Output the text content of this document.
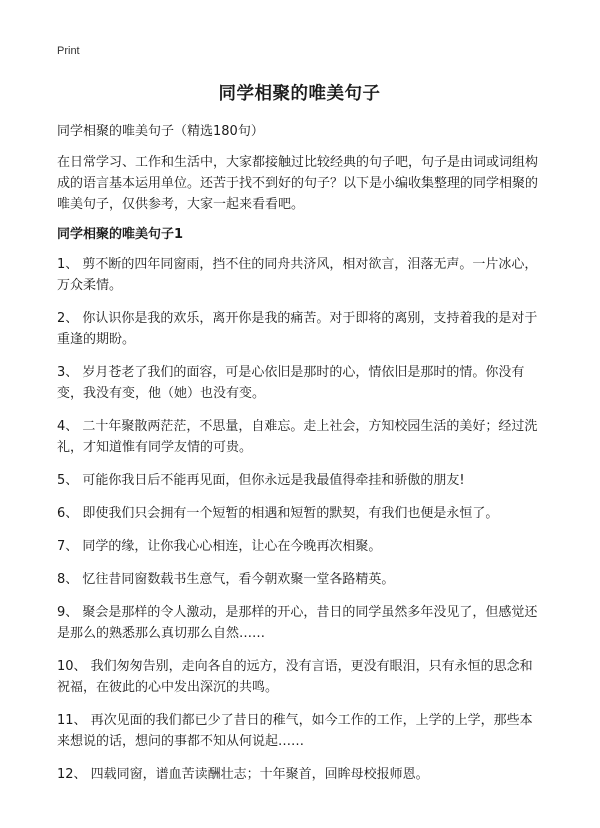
Print
同学相聚的唯美句子

同学相聚的唯美句子（精选180句）

在日常学习、工作和生活中，大家都接触过比较经典的句子吧，句子是由词或词组构成的语言基本运用单位。还苦于找不到好的句子？以下是小编收集整理的同学相聚的唯美句子，仅供参考，大家一起来看看吧。

同学相聚的唯美句子1

1、 剪不断的四年同窗雨，挡不住的同舟共济风，相对欲言，泪落无声。一片冰心，万众柔情。

2、 你认识你是我的欢乐，离开你是我的痛苦。对于即将的离别，支持着我的是对于重逢的期盼。

3、 岁月苍老了我们的面容，可是心依旧是那时的心，情依旧是那时的情。你没有变，我没有变，他（她）也没有变。

4、 二十年聚散两茫茫，不思量，自难忘。走上社会，方知校园生活的美好；经过洗礼，才知道惟有同学友情的可贵。

5、 可能你我日后不能再见面，但你永远是我最值得牵挂和骄傲的朋友!

6、 即使我们只会拥有一个短暂的相遇和短暂的默契，有我们也便是永恒了。

7、 同学的缘，让你我心心相连，让心在今晚再次相聚。

8、 忆往昔同窗数载书生意气，看今朝欢聚一堂各路精英。

9、 聚会是那样的令人激动，是那样的开心，昔日的同学虽然多年没见了，但感觉还是那么的熟悉那么真切那么自然……

10、 我们匆匆告别，走向各自的远方，没有言语，更没有眼泪，只有永恒的思念和祝福，在彼此的心中发出深沉的共鸣。

11、 再次见面的我们都已少了昔日的稚气，如今工作的工作，上学的上学，那些本来想说的话，想问的事都不知从何说起……

12、 四载同窗，谱血苦读酬壮志；十年聚首，回眸母校报师恩。
